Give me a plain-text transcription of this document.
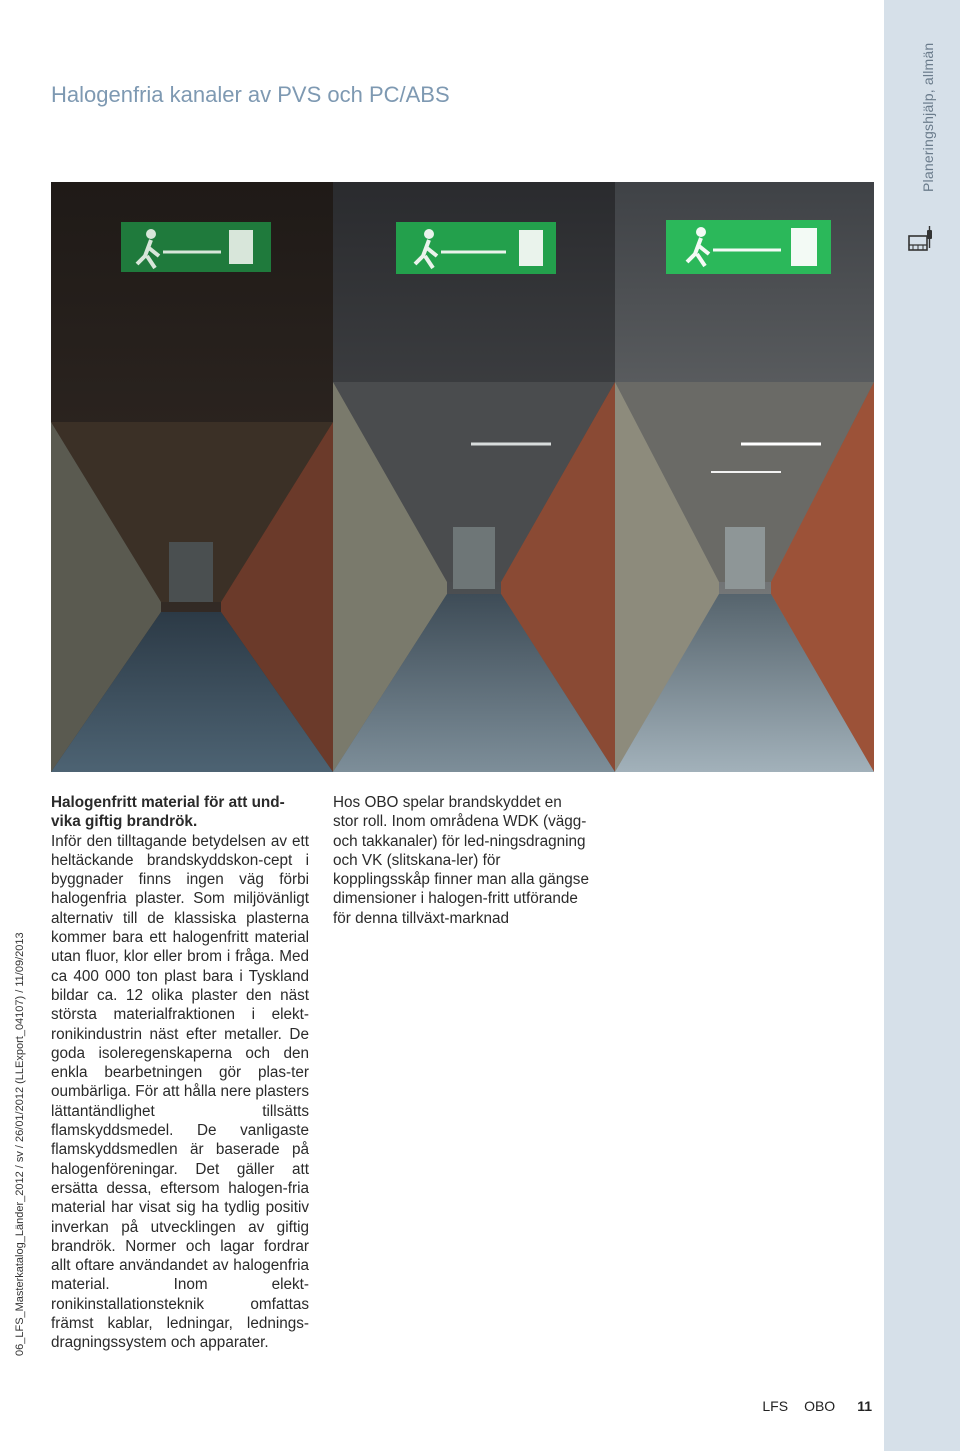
Planeringshjälp, allmän
Halogenfria kanaler av PVS och PC/ABS
Halogenfritt material för att und-vika giftig brandrök.
Inför den tilltagande betydelsen av ett heltäckande brandskyddskon-cept i byggnader finns ingen väg förbi halogenfria plaster. Som miljövänligt alternativ till de klassiska plasterna kommer bara ett halogenfritt material utan fluor, klor eller brom i fråga. Med ca 400 000 ton plast bara i Tyskland bildar ca. 12 olika plaster den näst största materialfraktionen i elekt-ronikindustrin näst efter metaller. De goda isoleregenskaperna och den enkla bearbetningen gör plas-ter oumbärliga. För att hålla nere plasters lättantändlighet tillsätts flamskyddsmedel. De vanligaste flamskyddsmedlen är baserade på halogenföreningar. Det gäller att ersätta dessa, eftersom halogen-fria material har visat sig ha tydlig positiv inverkan på utvecklingen av giftig brandrök. Normer och lagar fordrar allt oftare användandet av halogenfria material. Inom elekt-ronikinstallationsteknik omfattas främst kablar, ledningar, lednings-dragningssystem och apparater.
Hos OBO spelar brandskyddet en stor roll. Inom områdena WDK (vägg- och takkanaler) för led-ningsdragning och VK (slitskana-ler) för kopplingsskåp finner man alla gängse dimensioner i halogen-fritt utförande för denna tillväxt-marknad
06_LFS_Masterkatalog_Länder_2012 / sv / 26/01/2012 (LLExport_04107) / 11/09/2013
LFS OBO 11
